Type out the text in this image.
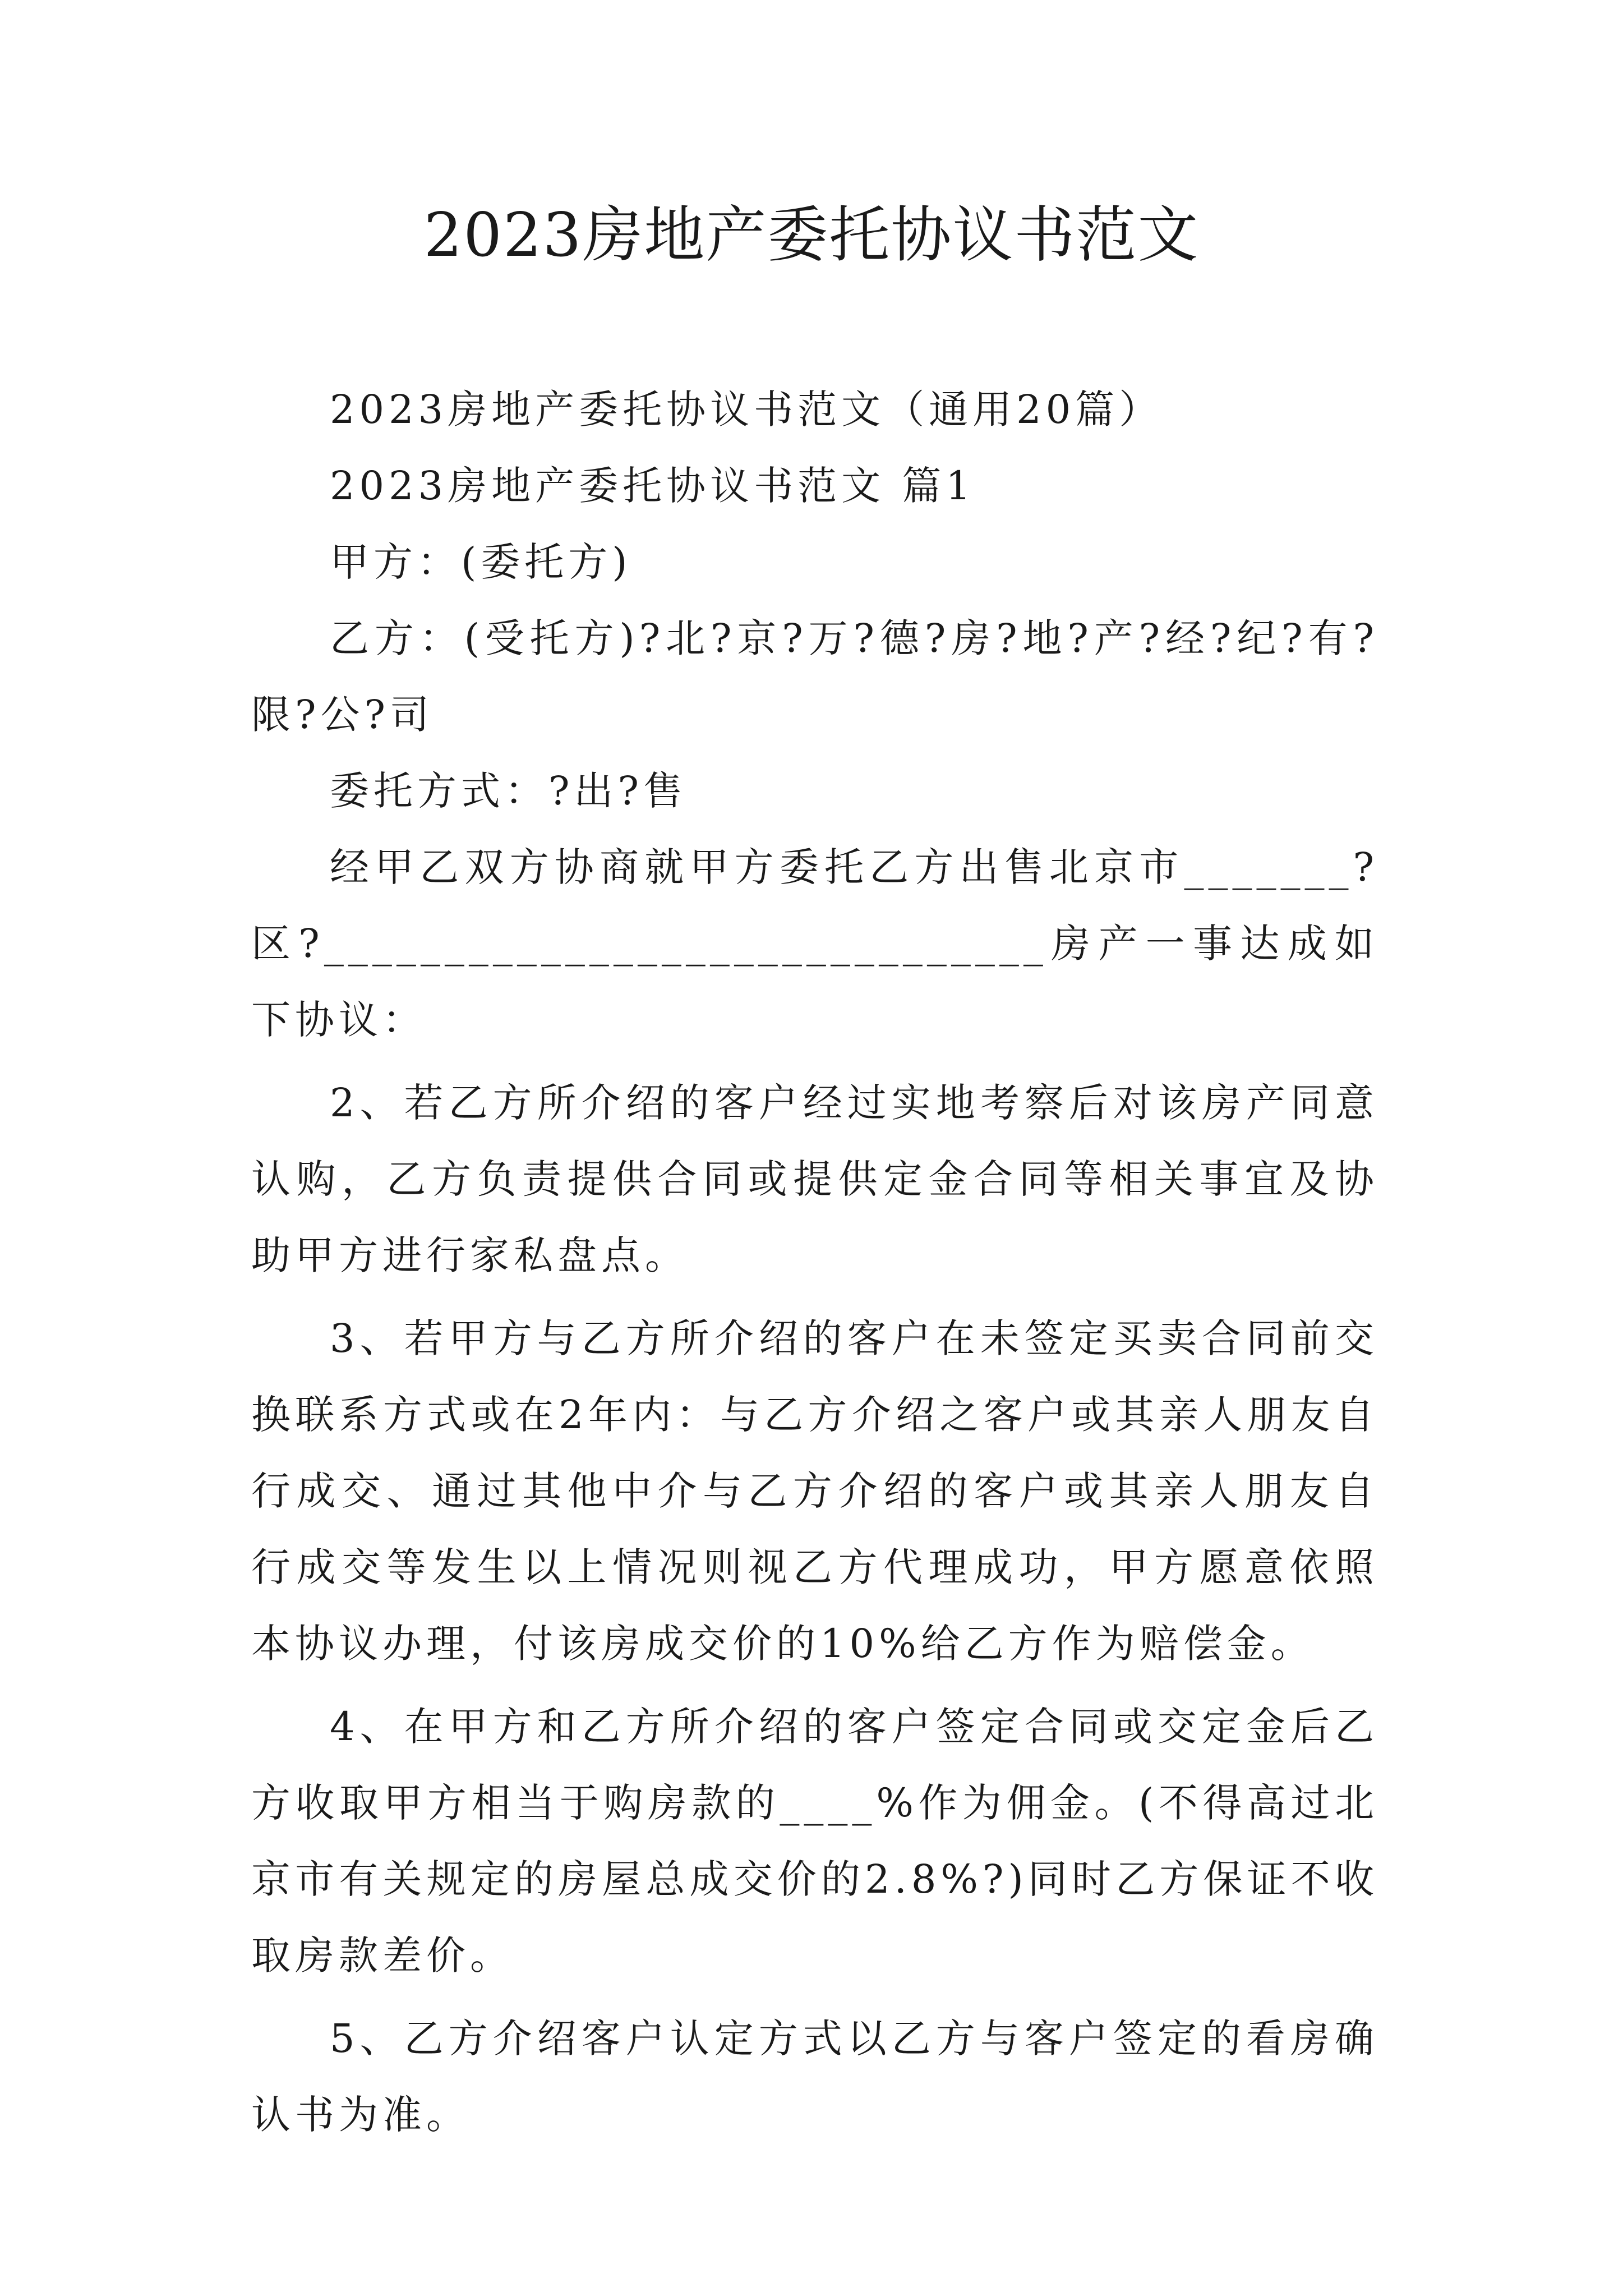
2023房地产委托协议书范文

2023房地产委托协议书范文（通用20篇）

2023房地产委托协议书范文 篇1

甲方：(委托方)

乙方：(受托方)?北?京?万?德?房?地?产?经?纪?有?限?公?司

委托方式：?出?售

经甲乙双方协商就甲方委托乙方出售北京市_______?区?______________________________房产一事达成如下协议：

2、若乙方所介绍的客户经过实地考察后对该房产同意认购，乙方负责提供合同或提供定金合同等相关事宜及协助甲方进行家私盘点。

3、若甲方与乙方所介绍的客户在未签定买卖合同前交换联系方式或在2年内：与乙方介绍之客户或其亲人朋友自行成交、通过其他中介与乙方介绍的客户或其亲人朋友自行成交等发生以上情况则视乙方代理成功，甲方愿意依照本协议办理，付该房成交价的10%给乙方作为赔偿金。

4、在甲方和乙方所介绍的客户签定合同或交定金后乙方收取甲方相当于购房款的____%作为佣金。(不得高过北京市有关规定的房屋总成交价的2.8%?)同时乙方保证不收取房款差价。

5、乙方介绍客户认定方式以乙方与客户签定的看房确认书为准。
